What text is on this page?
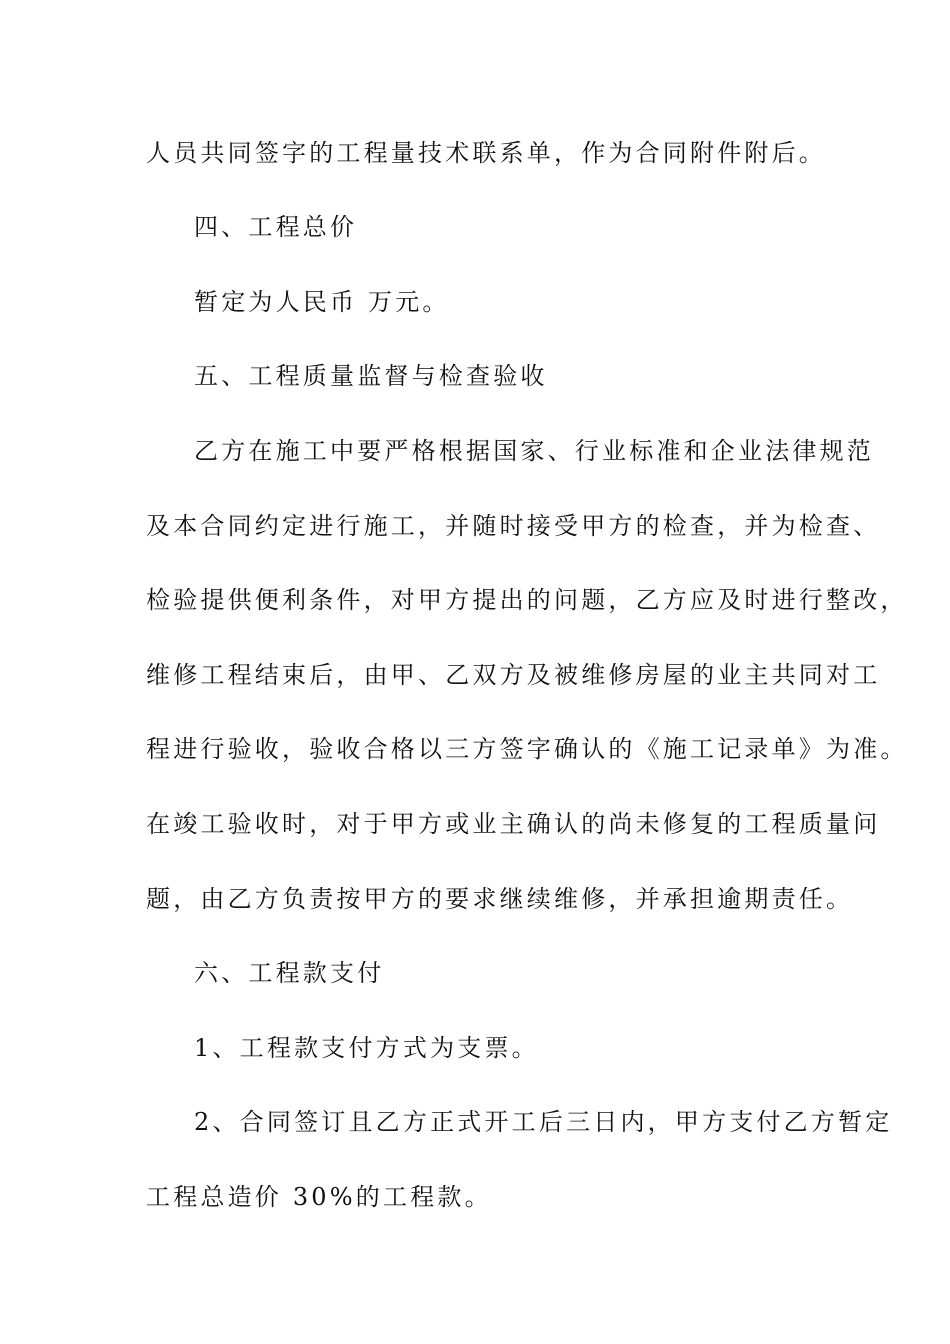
人员共同签字的工程量技术联系单，作为合同附件附后。
四、工程总价
暂定为人民币 万元。
五、工程质量监督与检查验收
乙方在施工中要严格根据国家、行业标准和企业法律规范
及本合同约定进行施工，并随时接受甲方的检查，并为检查、
检验提供便利条件，对甲方提出的问题，乙方应及时进行整改，
维修工程结束后，由甲、乙双方及被维修房屋的业主共同对工
程进行验收，验收合格以三方签字确认的《施工记录单》为准。
在竣工验收时，对于甲方或业主确认的尚未修复的工程质量问
题，由乙方负责按甲方的要求继续维修，并承担逾期责任。
六、工程款支付
1、工程款支付方式为支票。
2、合同签订且乙方正式开工后三日内，甲方支付乙方暂定
工程总造价 30%的工程款。
